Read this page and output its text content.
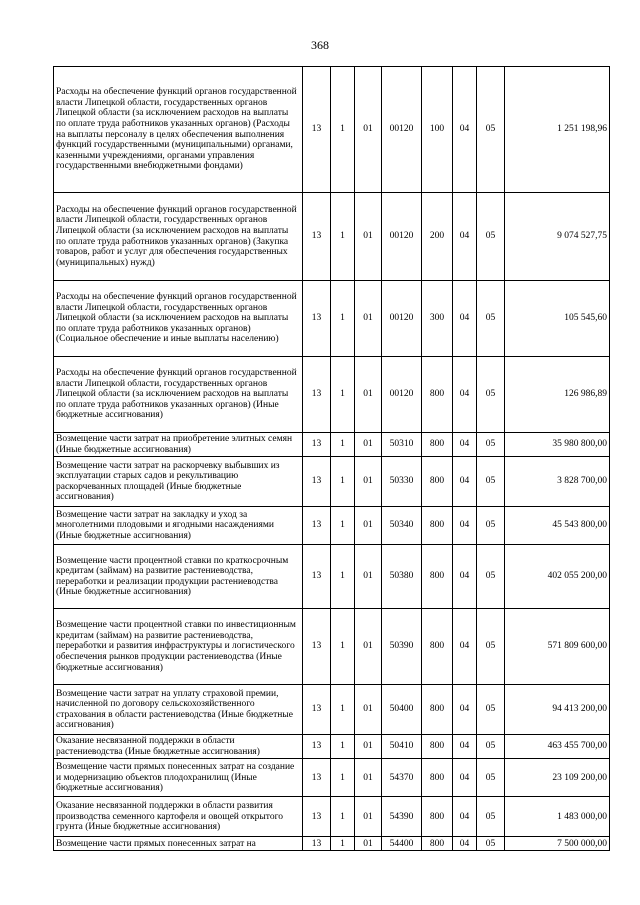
368
Расходы на обеспечение функций органов государственной власти Липецкой области, государственных органов Липецкой области (за исключением расходов на выплаты по оплате труда работников указанных органов) (Расходы на выплаты персоналу в целях обеспечения выполнения функций государственными (муниципальными) органами, казенными учреждениями, органами управления государственными внебюджетными фондами)	13	1	01	00120	100	04	05	1 251 198,96
Расходы на обеспечение функций органов государственной власти Липецкой области, государственных органов Липецкой области (за исключением расходов на выплаты по оплате труда работников указанных органов) (Закупка товаров, работ и услуг для обеспечения государственных (муниципальных) нужд)	13	1	01	00120	200	04	05	9 074 527,75
Расходы на обеспечение функций органов государственной власти Липецкой области, государственных органов Липецкой области (за исключением расходов на выплаты по оплате труда работников указанных органов) (Социальное обеспечение и иные выплаты населению)	13	1	01	00120	300	04	05	105 545,60
Расходы на обеспечение функций органов государственной власти Липецкой области, государственных органов Липецкой области (за исключением расходов на выплаты по оплате труда работников указанных органов) (Иные бюджетные ассигнования)	13	1	01	00120	800	04	05	126 986,89
Возмещение части затрат на приобретение элитных семян (Иные бюджетные ассигнования)	13	1	01	50310	800	04	05	35 980 800,00
Возмещение части затрат на раскорчевку выбывших из эксплуатации старых садов и рекультивацию раскорчеванных площадей (Иные бюджетные ассигнования)	13	1	01	50330	800	04	05	3 828 700,00
Возмещение части затрат на закладку и уход за многолетними плодовыми и ягодными насаждениями (Иные бюджетные ассигнования)	13	1	01	50340	800	04	05	45 543 800,00
Возмещение части процентной ставки по краткосрочным кредитам (займам) на развитие растениеводства, переработки и реализации продукции растениеводства (Иные бюджетные ассигнования)	13	1	01	50380	800	04	05	402 055 200,00
Возмещение части процентной ставки по инвестиционным кредитам (займам) на развитие растениеводства, переработки и развития инфраструктуры и логистического обеспечения рынков продукции растениеводства (Иные бюджетные ассигнования)	13	1	01	50390	800	04	05	571 809 600,00
Возмещение части затрат на уплату страховой премии, начисленной по договору сельскохозяйственного страхования в области растениеводства (Иные бюджетные ассигнования)	13	1	01	50400	800	04	05	94 413 200,00
Оказание несвязанной поддержки в области растениеводства (Иные бюджетные ассигнования)	13	1	01	50410	800	04	05	463 455 700,00
Возмещение части прямых понесенных затрат на создание и модернизацию объектов плодохранилищ (Иные бюджетные ассигнования)	13	1	01	54370	800	04	05	23 109 200,00
Оказание несвязанной поддержки в области развития производства семенного картофеля и овощей открытого грунта (Иные бюджетные ассигнования)	13	1	01	54390	800	04	05	1 483 000,00
Возмещение части прямых понесенных затрат на	13	1	01	54400	800	04	05	7 500 000,00
